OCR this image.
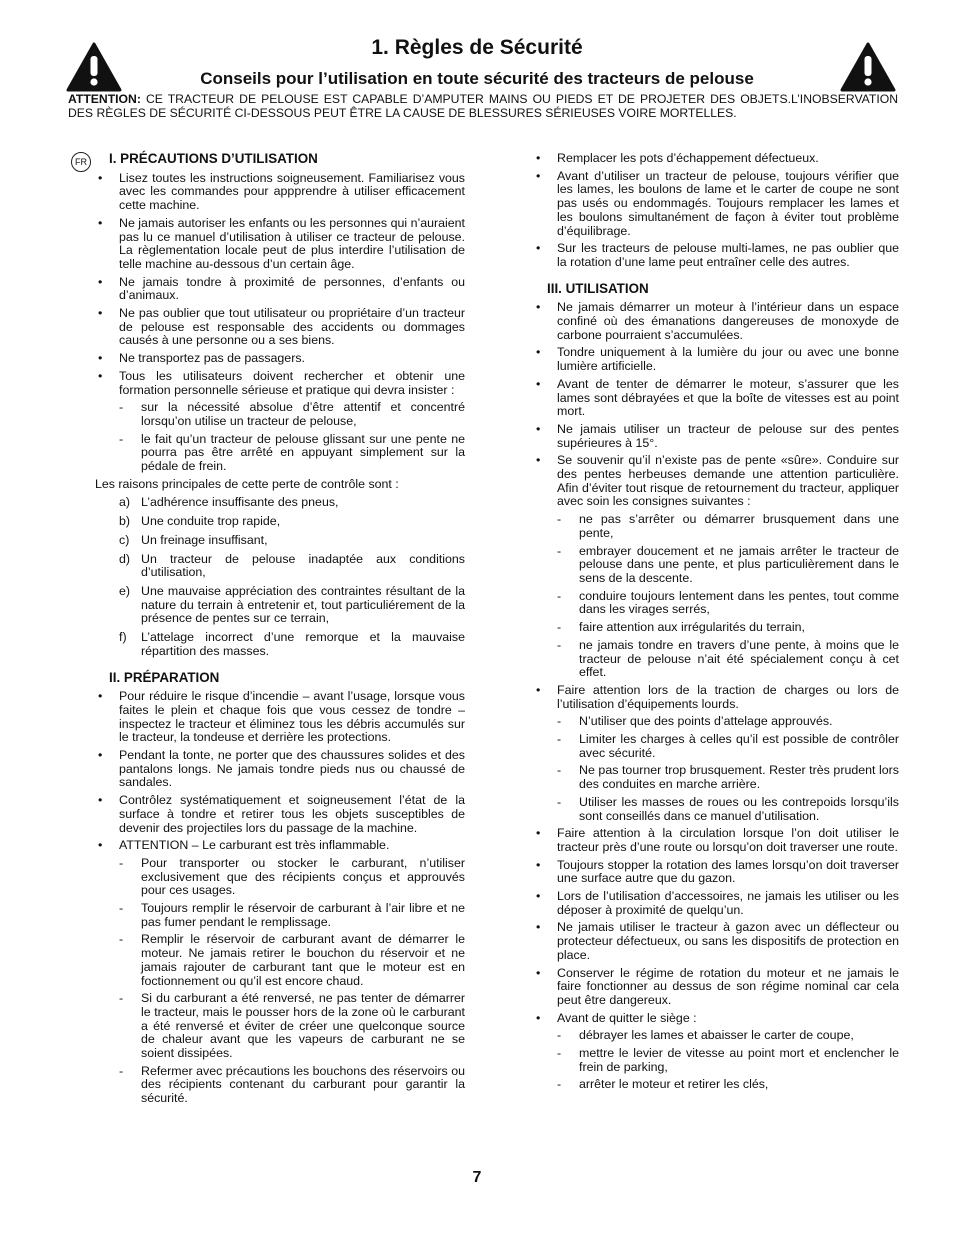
1. Règles de Sécurité
Conseils pour l’utilisation en toute sécurité des tracteurs de pelouse
ATTENTION: CE TRACTEUR DE PELOUSE EST CAPABLE D’AMPUTER MAINS OU PIEDS ET DE PROJETER DES OBJETS.L’INOBSERVATION DES RÈGLES DE SÉCURITÉ CI-DESSOUS PEUT ÊTRE LA CAUSE DE BLESSURES SÉRIEUSES VOIRE MORTELLES.
FR I. PRÉCAUTIONS D’UTILISATION
• Lisez toutes les instructions soigneusement. Familiarisez vous avec les commandes pour appprendre à utiliser efficacement cette machine.
• Ne jamais autoriser les enfants ou les personnes qui n’auraient pas lu ce manuel d’utilisation à utiliser ce tracteur de pelouse. La règlementation locale peut de plus interdire l’utilisation de telle machine au-dessous d’un certain âge.
• Ne jamais tondre à proximité de personnes, d’enfants ou d’animaux.
• Ne pas oublier que tout utilisateur ou propriétaire d’un tracteur de pelouse est responsable des accidents ou dommages causés à une personne ou a ses biens.
• Ne transportez pas de passagers.
• Tous les utilisateurs doivent rechercher et obtenir une formation personnelle sérieuse et pratique qui devra insister :
- sur la nécessité absolue d’être attentif et concentré lorsqu’on utilise un tracteur de pelouse,
- le fait qu’un tracteur de pelouse glissant sur une pente ne pourra pas être arrêté en appuyant simplement sur la pédale de frein.
Les raisons principales de cette perte de contrôle sont :
a) L’adhérence insuffisante des pneus,
b) Une conduite trop rapide,
c) Un freinage insuffisant,
d) Un tracteur de pelouse inadaptée aux conditions d’utilisation,
e) Une mauvaise appréciation des contraintes résultant de la nature du terrain à entretenir et, tout particuliérement de la présence de pentes sur ce terrain,
f) L’attelage incorrect d’une remorque et la mauvaise répartition des masses.
II. PRÉPARATION
• Pour réduire le risque d’incendie – avant l’usage, lorsque vous faites le plein et chaque fois que vous cessez de tondre – inspectez le tracteur et éliminez tous les débris accumulés sur le tracteur, la tondeuse et derrière les protections.
• Pendant la tonte, ne porter que des chaussures solides et des pantalons longs. Ne jamais tondre pieds nus ou chaussé de sandales.
• Contrôlez systématiquement et soigneusement l’état de la surface à tondre et retirer tous les objets susceptibles de devenir des projectiles lors du passage de la machine.
• ATTENTION – Le carburant est très inflammable.
- Pour transporter ou stocker le carburant, n’utiliser exclusivement que des récipients conçus et approuvés pour ces usages.
- Toujours remplir le réservoir de carburant à l’air libre et ne pas fumer pendant le remplissage.
- Remplir le réservoir de carburant avant de démarrer le moteur. Ne jamais retirer le bouchon du réservoir et ne jamais rajouter de carburant tant que le moteur est en foctionnement ou qu’il est encore chaud.
- Si du carburant a été renversé, ne pas tenter de démarrer le tracteur, mais le pousser hors de la zone où le carburant a été renversé et éviter de créer une quelconque source de chaleur avant que les vapeurs de carburant ne se soient dissipées.
- Refermer avec précautions les bouchons des réservoirs ou des récipients contenant du carburant pour garantir la sécurité.
• Remplacer les pots d’échappement défectueux.
• Avant d’utiliser un tracteur de pelouse, toujours vérifier que les lames, les boulons de lame et le carter de coupe ne sont pas usés ou endommagés. Toujours remplacer les lames et les boulons simultanément de façon à éviter tout problème d’équilibrage.
• Sur les tracteurs de pelouse multi-lames, ne pas oublier que la rotation d’une lame peut entraîner celle des autres.
III. UTILISATION
• Ne jamais démarrer un moteur à l’intérieur dans un espace confiné où des émanations dangereuses de monoxyde de carbone pourraient s’accumulées.
• Tondre uniquement à la lumière du jour ou avec une bonne lumière artificielle.
• Avant de tenter de démarrer le moteur, s’assurer que les lames sont débrayées et que la boîte de vitesses est au point mort.
• Ne jamais utiliser un tracteur de pelouse sur des pentes supérieures à 15°.
• Se souvenir qu’il n’existe pas de pente «sûre». Conduire sur des pentes herbeuses demande une attention particulière. Afin d’éviter tout risque de retournement du tracteur, appliquer avec soin les consignes suivantes :
- ne pas s’arrêter ou démarrer brusquement dans une pente,
- embrayer doucement et ne jamais arrêter le tracteur de pelouse dans une pente, et plus particulièrement dans le sens de la descente.
- conduire toujours lentement dans les pentes, tout comme dans les virages serrés,
- faire attention aux irrégularités du terrain,
- ne jamais tondre en travers d’une pente, à moins que le tracteur de pelouse n’ait été spécialement conçu à cet effet.
• Faire attention lors de la traction de charges ou lors de l’utilisation d’équipements lourds.
- N’utiliser que des points d’attelage approuvés.
- Limiter les charges à celles qu’il est possible de contrôler avec sécurité.
- Ne pas tourner trop brusquement. Rester très prudent lors des conduites en marche arrière.
- Utiliser les masses de roues ou les contrepoids lorsqu’ils sont conseillés dans ce manuel d’utilisation.
• Faire attention à la circulation lorsque l’on doit utiliser le tracteur près d’une route ou lorsqu’on doit traverser une route.
• Toujours stopper la rotation des lames lorsqu’on doit traverser une surface autre que du gazon.
• Lors de l’utilisation d’accessoires, ne jamais les utiliser ou les déposer à proximité de quelqu’un.
• Ne jamais utiliser le tracteur à gazon avec un déflecteur ou protecteur défectueux, ou sans les dispositifs de protection en place.
• Conserver le régime de rotation du moteur et ne jamais le faire fonctionner au dessus de son régime nominal car cela peut être dangereux.
• Avant de quitter le siège :
- débrayer les lames et abaisser le carter de coupe,
- mettre le levier de vitesse au point mort et enclencher le frein de parking,
- arrêter le moteur et retirer les clés,
7
